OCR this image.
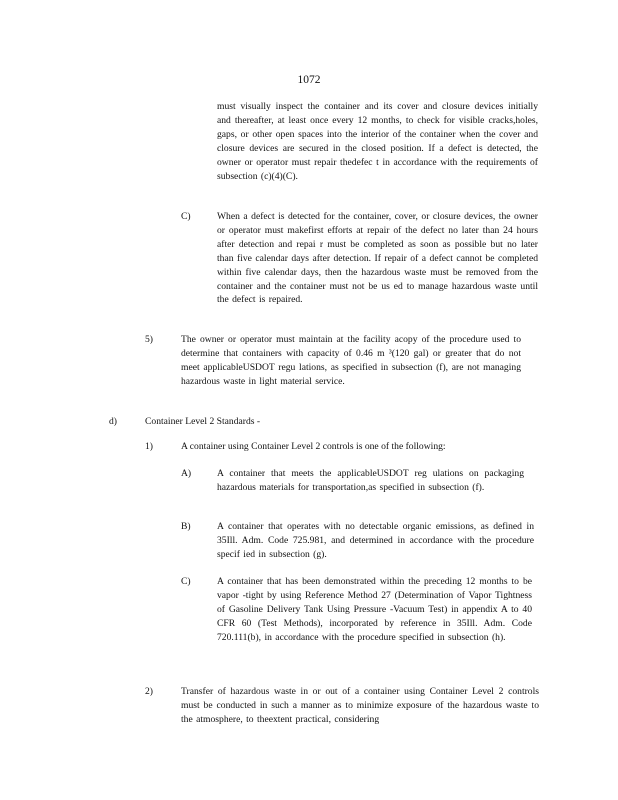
1072
must visually inspect the container and its cover and closure devices initially and thereafter, at least once every 12 months, to check for visible cracks,holes, gaps, or other open spaces into the interior of the container when the cover and closure devices are secured in the closed position. If a defect is detected, the owner or operator must repair thedefec t in accordance with the requirements of subsection (c)(4)(C).
C)	When a defect is detected for the container, cover, or closure devices, the owner or operator must makefirst efforts at repair of the defect no later than 24 hours after detection and repai r must be completed as soon as possible but no later than five calendar days after detection. If repair of a defect cannot be completed within five calendar days, then the hazardous waste must be removed from the container and the container must not be us ed to manage hazardous waste until the defect is repaired.
5)	The owner or operator must maintain at the facility acopy of the procedure used to determine that containers with capacity of 0.46 m ³(120 gal) or greater that do not meet applicableUSDOT regu lations, as specified in subsection (f), are not managing hazardous waste in light material service.
d)	Container Level 2 Standards -
1)	A container using Container Level 2 controls is one of the following:
A)	A container that meets the applicableUSDOT reg ulations on packaging hazardous materials for transportation,as specified in subsection (f).
B)	A container that operates with no detectable organic emissions, as defined in 35Ill. Adm. Code 725.981, and determined in accordance with the procedure specif ied in subsection (g).
C)	A container that has been demonstrated within the preceding 12 months to be vapor -tight by using Reference Method 27 (Determination of Vapor Tightness of Gasoline Delivery Tank Using Pressure -Vacuum Test) in appendix A to 40 CFR 60 (Test Methods), incorporated by reference in 35Ill. Adm. Code 720.111(b), in accordance with the procedure specified in subsection (h).
2)	Transfer of hazardous waste in or out of a container using Container Level 2 controls must be conducted in such a manner as to minimize exposure of the hazardous waste to the atmosphere, to theextent practical, considering
